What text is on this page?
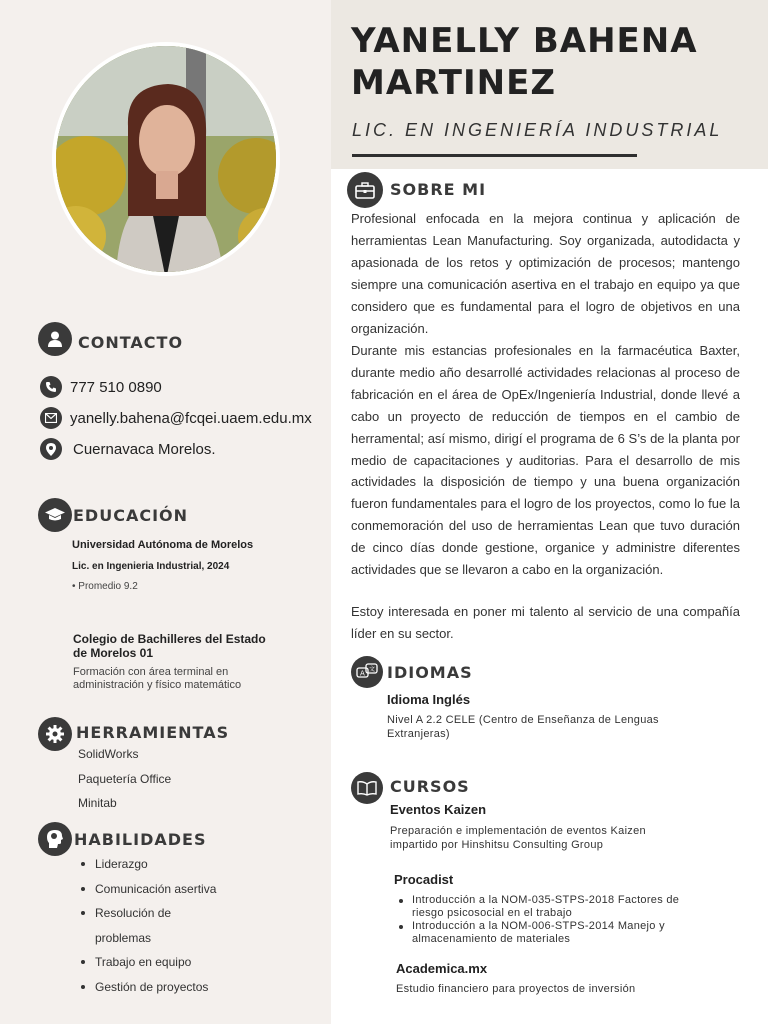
YANELLY BAHENA
MARTINEZ
LIC. EN INGENIERÍA INDUSTRIAL
CONTACTO
777 510 0890
yanelly.bahena@fcqei.uaem.edu.mx
Cuernavaca Morelos.
EDUCACIÓN
Universidad Autónoma de Morelos
Lic. en Ingenieria Industrial, 2024
• Promedio 9.2
Colegio de Bachilleres del Estado de Morelos 01
Formación con área terminal en administración y físico matemático
HERRAMIENTAS
SolidWorks
Paquetería Office
Minitab
HABILIDADES
Liderazgo
Comunicación asertiva
Resolución de
problemas
Trabajo en equipo
Gestión de proyectos
SOBRE MI
Profesional enfocada en la mejora continua y aplicación de herramientas Lean Manufacturing. Soy organizada, autodidacta y apasionada de los retos y optimización de procesos; mantengo siempre una comunicación asertiva en el trabajo en equipo ya que considero que es fundamental para el logro de objetivos en una organización.
Durante mis estancias profesionales en la farmacéutica Baxter, durante medio año desarrollé actividades relacionas al proceso de fabricación en el área de OpEx/Ingeniería Industrial, donde llevé a cabo un proyecto de reducción de tiempos en el cambio de herramental; así mismo, dirigí el programa de 6 S’s de la planta por medio de capacitaciones y auditorias. Para el desarrollo de mis actividades la disposición de tiempo y una buena organización fueron fundamentales para el logro de los proyectos, como lo fue la conmemoración del uso de herramientas Lean que tuvo duración de cinco días donde gestione, organice y administre diferentes actividades que se llevaron a cabo en la organización.
Estoy interesada en poner mi talento al servicio de una compañía líder en su sector.
A 文 IDIOMAS
Idioma Inglés
Nivel A 2.2 CELE (Centro de Enseñanza de Lenguas Extranjeras)
CURSOS
Eventos Kaizen
Preparación e implementación de eventos Kaizen impartido por Hinshitsu Consulting Group
Procadist
Introducción a la NOM-035-STPS-2018 Factores de riesgo psicosocial en el trabajo
Introducción a la NOM-006-STPS-2014 Manejo y almacenamiento de materiales
Academica.mx
Estudio financiero para proyectos de inversión
